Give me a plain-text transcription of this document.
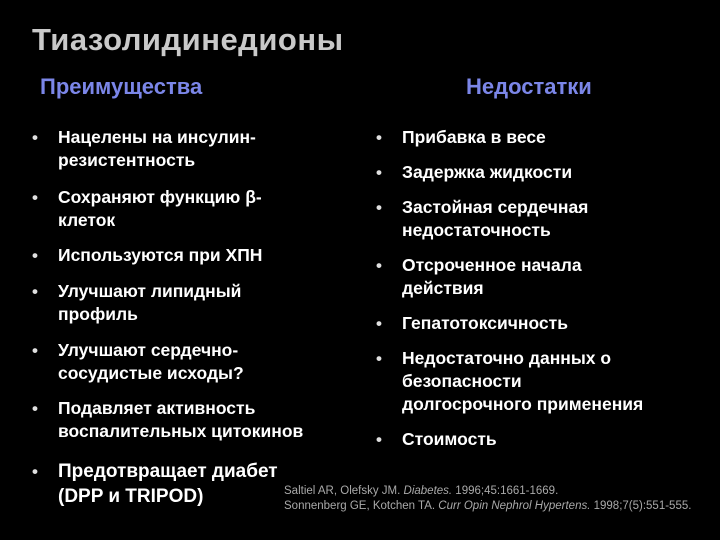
Тиазолидинедионы
Преимущества	Недостатки
• Нацелены на инсулин-
резистентность
• Сохраняют функцию β-
клеток
• Используются при ХПН
• Улучшают липидный
профиль
• Улучшают сердечно-
сосудистые исходы?
• Подавляет активность
воспалительных цитокинов
• Предотвращает диабет
(DPP и TRIPOD)
• Прибавка в весе
• Задержка жидкости
• Застойная сердечная
недостаточность
• Отсроченное начала
действия
• Гепатотоксичность
• Недостаточно данных о
безопасности
долгосрочного применения
• Стоимость
Saltiel AR, Olefsky JM. Diabetes. 1996;45:1661-1669.
Sonnenberg GE, Kotchen TA. Curr Opin Nephrol Hypertens. 1998;7(5):551-555.
